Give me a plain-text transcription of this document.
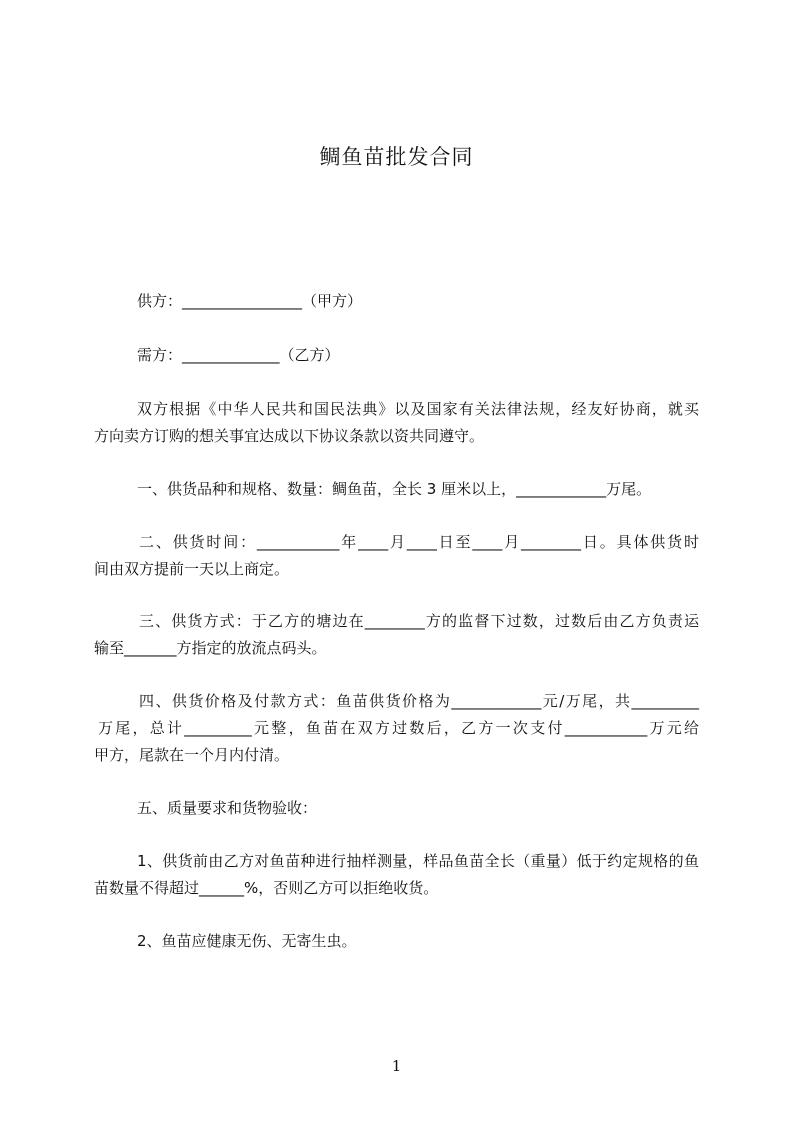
鲷鱼苗批发合同
供方：________________（甲方）
需方：_____________（乙方）
双方根据《中华人民共和国民法典》以及国家有关法律法规，经友好协商，就买
方向卖方订购的想关事宜达成以下协议条款以资共同遵守。
一、供货品种和规格、数量：鲷鱼苗，全长 3 厘米以上，____________万尾。
二、供货时间：___________年____月____日至____月________日。具体供货时
间由双方提前一天以上商定。
三、供货方式：于乙方的塘边在________方的监督下过数，过数后由乙方负责运
输至_______方指定的放流点码头。
四、供货价格及付款方式：鱼苗供货价格为____________元/万尾，共_________
万尾，总计_________元整，鱼苗在双方过数后，乙方一次支付___________万元给
甲方，尾款在一个月内付清。
五、质量要求和货物验收：
1、供货前由乙方对鱼苗种进行抽样测量，样品鱼苗全长（重量）低于约定规格的鱼
苗数量不得超过______%，否则乙方可以拒绝收货。
2、鱼苗应健康无伤、无寄生虫。
1
